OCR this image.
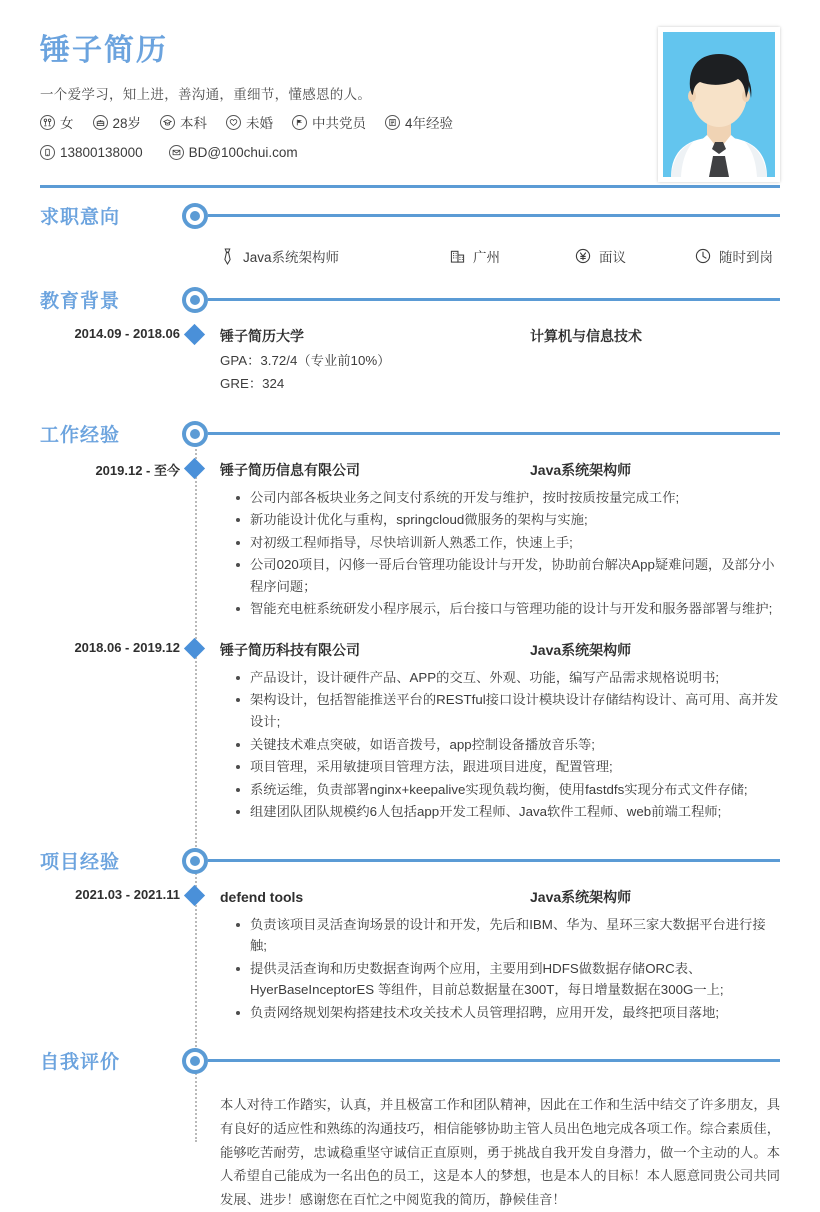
锤子简历
一个爱学习，知上进，善沟通，重细节，懂感恩的人。
女	28岁	本科	未婚	中共党员	4年经验
13800138000	BD@100chui.com
求职意向
Java系统架构师	广州	面议	随时到岗
教育背景
2014.09 - 2018.06	锤子简历大学	计算机与信息技术
GPA：3.72/4（专业前10%）
GRE：324
工作经验
2019.12 - 至今	锤子简历信息有限公司	Java系统架构师
公司内部各板块业务之间支付系统的开发与维护，按时按质按量完成工作;
新功能设计优化与重构，springcloud微服务的架构与实施;
对初级工程师指导，尽快培训新人熟悉工作，快速上手;
公司020项目，闪修一哥后台管理功能设计与开发，协助前台解决App疑难问题，及部分小程序问题；
智能充电桩系统研发小程序展示，后台接口与管理功能的设计与开发和服务器部署与维护;
2018.06 - 2019.12	锤子简历科技有限公司	Java系统架构师
产品设计，设计硬件产品、APP的交互、外观、功能，编写产品需求规格说明书;
架构设计，包括智能推送平台的RESTful接口设计模块设计存储结构设计、高可用、高并发设计;
关键技术难点突破，如语音拨号，app控制设备播放音乐等;
项目管理，采用敏捷项目管理方法，跟进项目进度，配置管理;
系统运维，负责部署nginx+keepalive实现负载均衡，使用fastdfs实现分布式文件存储;
组建团队团队规模约6人包括app开发工程师、Java软件工程师、web前端工程师;
项目经验
2021.03 - 2021.11	defend tools	Java系统架构师
负责该项目灵活查询场景的设计和开发，先后和IBM、华为、星环三家大数据平台进行接触;
提供灵活查询和历史数据查询两个应用，主要用到HDFS做数据存储ORC表、HyerBaseInceptorES 等组件，目前总数据量在300T，每日增量数据在300G一上;
负责网络规划架构搭建技术攻关技术人员管理招聘，应用开发，最终把项目落地;
自我评价

本人对待工作踏实，认真，并且极富工作和团队精神，因此在工作和生活中结交了许多朋友，具有良好的适应性和熟练的沟通技巧，相信能够协助主管人员出色地完成各项工作。综合素质佳，能够吃苦耐劳，忠诚稳重坚守诚信正直原则，勇于挑战自我开发自身潜力，做一个主动的人。本人希望自己能成为一名出色的员工，这是本人的梦想，也是本人的目标！本人愿意同贵公司共同发展、进步！感谢您在百忙之中阅览我的简历，静候佳音！
